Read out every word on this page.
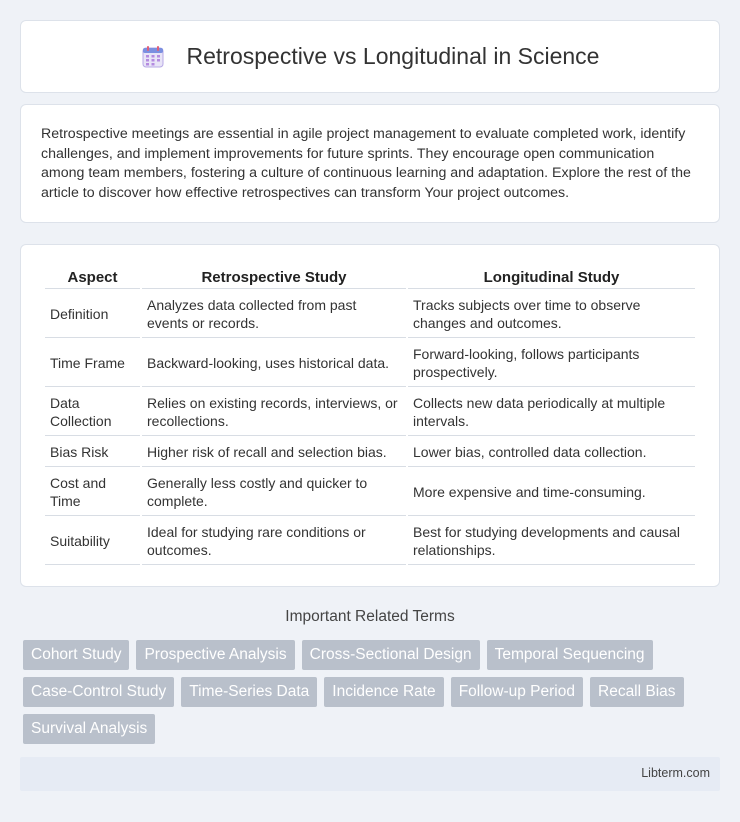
Retrospective vs Longitudinal in Science

Retrospective meetings are essential in agile project management to evaluate completed work, identify challenges, and implement improvements for future sprints. They encourage open communication among team members, fostering a culture of continuous learning and adaptation. Explore the rest of the article to discover how effective retrospectives can transform Your project outcomes.

Aspect	Retrospective Study	Longitudinal Study
Definition	Analyzes data collected from past events or records.	Tracks subjects over time to observe changes and outcomes.
Time Frame	Backward-looking, uses historical data.	Forward-looking, follows participants prospectively.
Data Collection	Relies on existing records, interviews, or recollections.	Collects new data periodically at multiple intervals.
Bias Risk	Higher risk of recall and selection bias.	Lower bias, controlled data collection.
Cost and Time	Generally less costly and quicker to complete.	More expensive and time-consuming.
Suitability	Ideal for studying rare conditions or outcomes.	Best for studying developments and causal relationships.
Important Related Terms
Cohort Study	Prospective Analysis	Cross-Sectional Design	Temporal Sequencing
Case-Control Study	Time-Series Data	Incidence Rate	Follow-up Period	Recall Bias
Survival Analysis
Libterm.com
